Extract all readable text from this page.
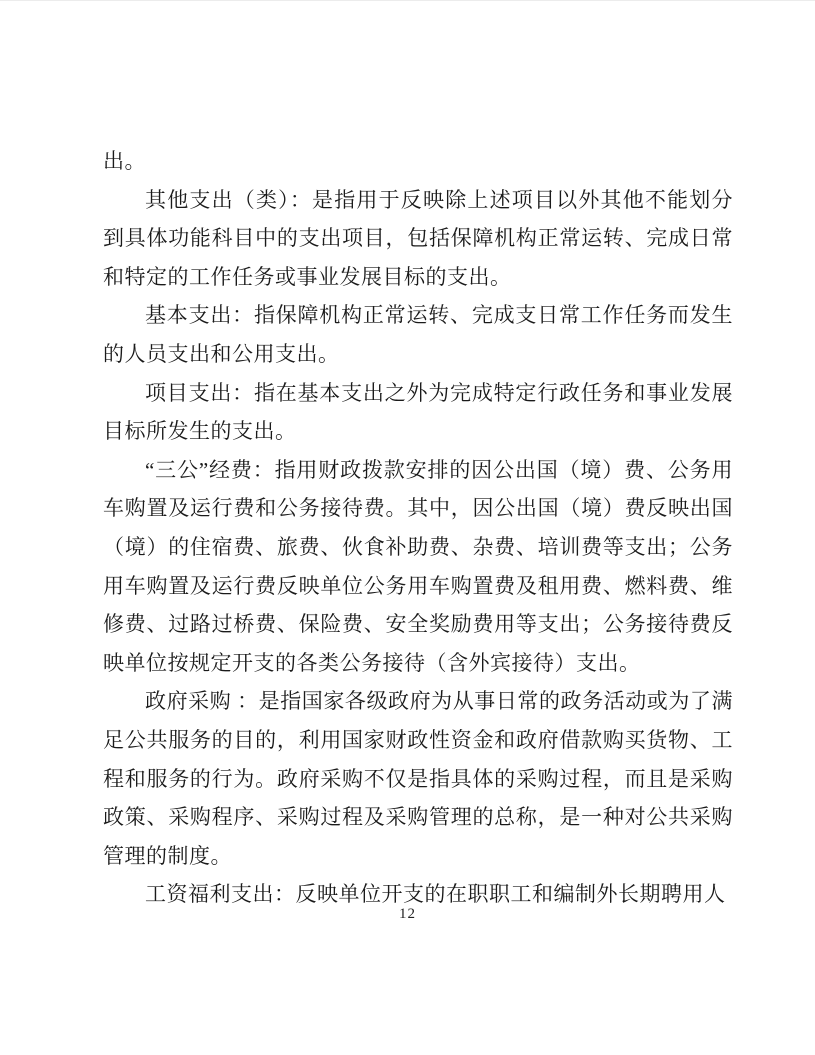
出。

其他支出（类）：是指用于反映除上述项目以外其他不能划分到具体功能科目中的支出项目，包括保障机构正常运转、完成日常和特定的工作任务或事业发展目标的支出。

基本支出：指保障机构正常运转、完成支日常工作任务而发生的人员支出和公用支出。

项目支出：指在基本支出之外为完成特定行政任务和事业发展目标所发生的支出。

“三公”经费：指用财政拨款安排的因公出国（境）费、公务用车购置及运行费和公务接待费。其中，因公出国（境）费反映出国（境）的住宿费、旅费、伙食补助费、杂费、培训费等支出；公务用车购置及运行费反映单位公务用车购置费及租用费、燃料费、维修费、过路过桥费、保险费、安全奖励费用等支出；公务接待费反映单位按规定开支的各类公务接待（含外宾接待）支出。

政府采购 ：是指国家各级政府为从事日常的政务活动或为了满足公共服务的目的，利用国家财政性资金和政府借款购买货物、工程和服务的行为。政府采购不仅是指具体的采购过程，而且是采购政策、采购程序、采购过程及采购管理的总称，是一种对公共采购管理的制度。

工资福利支出：反映单位开支的在职职工和编制外长期聘用人

12
